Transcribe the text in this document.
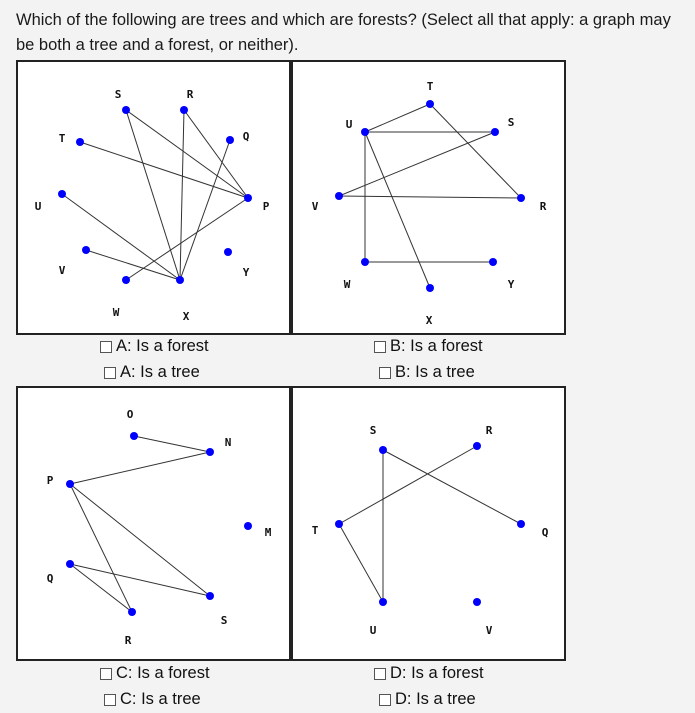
Which of the following are trees and which are forests? (Select all that apply: a graph may be both a tree and a forest, or neither).
S	R
T	Q
U	P
V	Y
W	X
T
U	S
V	R
W	Y
X
O
N
P
M
Q
R
S
S	R
T	Q
U	V
A: Is a forest
A: Is a tree
B: Is a forest
B: Is a tree
C: Is a forest
C: Is a tree
D: Is a forest
D: Is a tree
